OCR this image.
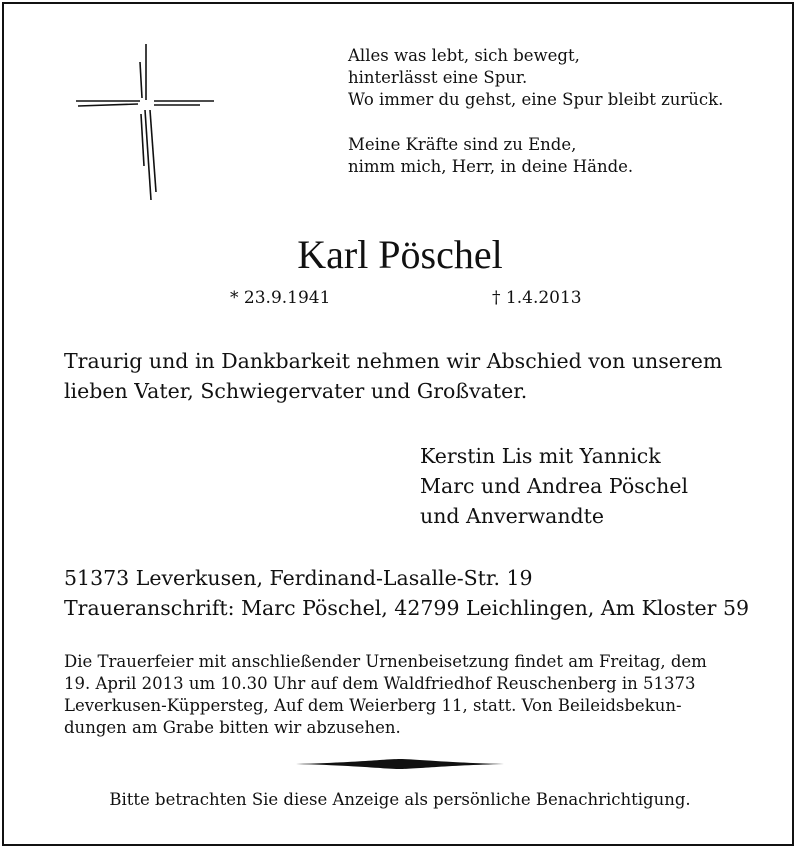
Alles was lebt, sich bewegt,
hinterlässt eine Spur.
Wo immer du gehst, eine Spur bleibt zurück.
Meine Kräfte sind zu Ende,
nimm mich, Herr, in deine Hände.
Karl Pöschel
* 23.9.1941	† 1.4.2013
Traurig und in Dankbarkeit nehmen wir Abschied von unserem
lieben Vater, Schwiegervater und Großvater.
Kerstin Lis mit Yannick
Marc und Andrea Pöschel
und Anverwandte
51373 Leverkusen, Ferdinand-Lasalle-Str. 19
Traueranschrift: Marc Pöschel, 42799 Leichlingen, Am Kloster 59
Die Trauerfeier mit anschließender Urnenbeisetzung findet am Freitag, dem
19. April 2013 um 10.30 Uhr auf dem Waldfriedhof Reuschenberg in 51373
Leverkusen-Küppersteg, Auf dem Weierberg 11, statt. Von Beileidsbekun-
dungen am Grabe bitten wir abzusehen.
Bitte betrachten Sie diese Anzeige als persönliche Benachrichtigung.
